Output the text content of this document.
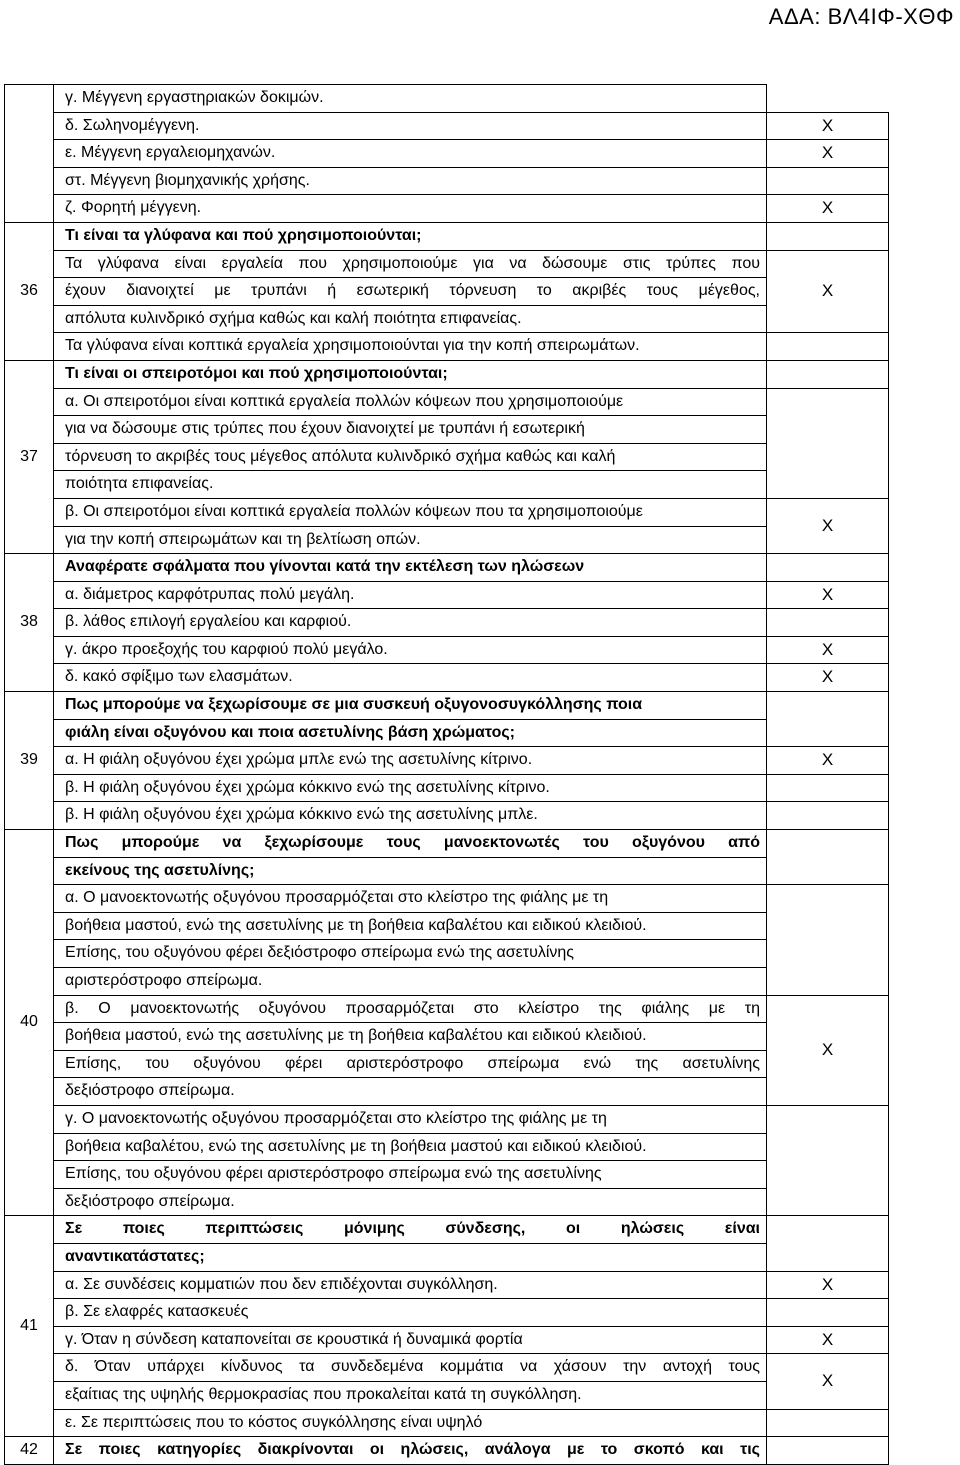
ΑΔΑ: ΒΛ4ΙΦ-ΧΘΦ

	γ. Μέγγενη εργαστηριακών δοκιμών.	

	δ. Σωληνομέγγενη.	Χ

	ε. Μέγγενη εργαλειομηχανών.	Χ

	στ. Μέγγενη βιομηχανικής χρήσης.	

	ζ. Φορητή μέγγενη.	Χ
36	Τι είναι τα γλύφανα και πού χρησιμοποιούνται;	

	Τα γλύφανα είναι εργαλεία που χρησιμοποιούμε για να δώσουμε στις τρύπες που	Χ

	έχουν διανοιχτεί με τρυπάνι ή εσωτερική τόρνευση το ακριβές τους μέγεθος,	

	απόλυτα κυλινδρικό σχήμα καθώς και καλή ποιότητα επιφανείας.	

	Τα γλύφανα είναι κοπτικά εργαλεία χρησιμοποιούνται για την κοπή σπειρωμάτων.	

37	Τι είναι οι σπειροτόμοι και πού χρησιμοποιούνται;	

	α. Οι σπειροτόμοι είναι κοπτικά εργαλεία πολλών κόψεων που χρησιμοποιούμε	

	για να δώσουμε στις τρύπες που έχουν διανοιχτεί με τρυπάνι ή εσωτερική	

	τόρνευση το ακριβές τους μέγεθος απόλυτα κυλινδρικό σχήμα καθώς και καλή	

	ποιότητα επιφανείας.	

	β. Οι σπειροτόμοι είναι κοπτικά εργαλεία πολλών κόψεων που τα χρησιμοποιούμε	Χ

	για την κοπή σπειρωμάτων και τη βελτίωση οπών.	

38	Αναφέρατε σφάλματα που γίνονται κατά την εκτέλεση των ηλώσεων	

	α. διάμετρος καρφότρυπας πολύ μεγάλη.	Χ

	β. λάθος επιλογή εργαλείου και καρφιού.	

	γ. άκρο προεξοχής του καρφιού πολύ μεγάλο.	Χ

	δ. κακό σφίξιμο των ελασμάτων.	Χ
39	Πως μπορούμε να ξεχωρίσουμε σε μια συσκευή οξυγονοσυγκόλλησης ποια	

	φιάλη είναι οξυγόνου και ποια ασετυλίνης βάση χρώματος;	

	α. Η φιάλη οξυγόνου έχει χρώμα μπλε ενώ της ασετυλίνης κίτρινο.	Χ

	β. Η φιάλη οξυγόνου έχει χρώμα κόκκινο ενώ της ασετυλίνης κίτρινο.	

	β. Η φιάλη οξυγόνου έχει χρώμα κόκκινο ενώ της ασετυλίνης μπλε.	

40	Πως μπορούμε να ξεχωρίσουμε τους μανοεκτονωτές του οξυγόνου από	

	εκείνους της ασετυλίνης;	

	α. Ο μανοεκτονωτής οξυγόνου προσαρμόζεται στο κλείστρο της φιάλης με τη	

	βοήθεια μαστού, ενώ της ασετυλίνης με τη βοήθεια καβαλέτου και ειδικού κλειδιού.	

	Επίσης, του οξυγόνου φέρει δεξιόστροφο σπείρωμα ενώ της ασετυλίνης	

	αριστερόστροφο σπείρωμα.	

	β. Ο μανοεκτονωτής οξυγόνου προσαρμόζεται στο κλείστρο της φιάλης με τη	Χ

	βοήθεια μαστού, ενώ της ασετυλίνης με τη βοήθεια καβαλέτου και ειδικού κλειδιού.	

	Επίσης, του οξυγόνου φέρει αριστερόστροφο σπείρωμα ενώ της ασετυλίνης	

	δεξιόστροφο σπείρωμα.	

	γ. Ο μανοεκτονωτής οξυγόνου προσαρμόζεται στο κλείστρο της φιάλης με τη	

	βοήθεια καβαλέτου, ενώ της ασετυλίνης με τη βοήθεια μαστού και ειδικού κλειδιού.	

	Επίσης, του οξυγόνου φέρει αριστερόστροφο σπείρωμα ενώ της ασετυλίνης	

	δεξιόστροφο σπείρωμα.	

41	Σε ποιες περιπτώσεις μόνιμης σύνδεσης, οι ηλώσεις είναι	

	αναντικατάστατες;	

	α. Σε συνδέσεις κομματιών που δεν επιδέχονται συγκόλληση.	Χ

	β. Σε ελαφρές κατασκευές	

	γ. Όταν η σύνδεση καταπονείται σε κρουστικά ή δυναμικά φορτία	Χ

	δ. Όταν υπάρχει κίνδυνος τα συνδεδεμένα κομμάτια να χάσουν την αντοχή τους	Χ

	εξαίτιας της υψηλής θερμοκρασίας που προκαλείται κατά τη συγκόλληση.	

	ε. Σε περιπτώσεις που το κόστος συγκόλλησης είναι υψηλό	

42	Σε ποιες κατηγορίες διακρίνονται οι ηλώσεις, ανάλογα με το σκοπό και τις	
